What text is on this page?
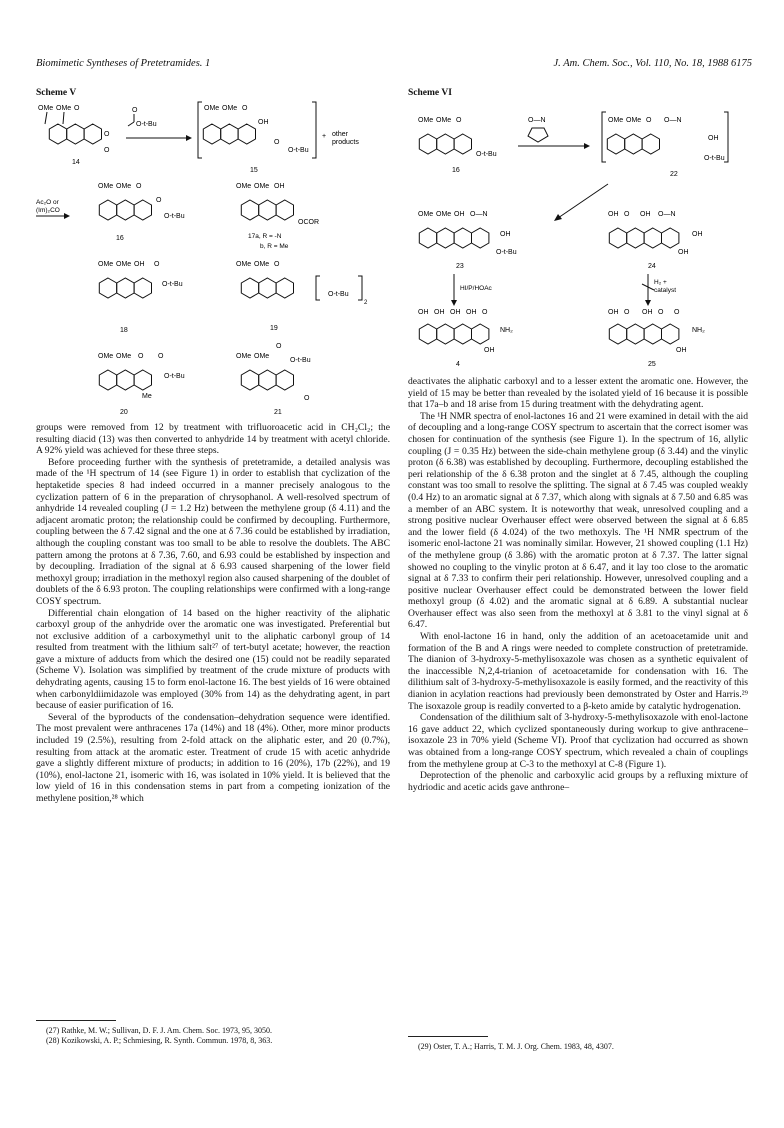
Biomimetic Syntheses of Pretetramides. 1	J. Am. Chem. Soc., Vol. 110, No. 18, 1988 6175
Scheme V
OMe OMe O
O
O
14
O
O-t-Bu
OMe OMe O
OH
O
O-t-Bu
15
+ other
products
Ac₂O or
(Im)₂CO
OMe OMe O
O
O-t-Bu
16
OMe OMe OH
OCOR
17a, R = -N
b, R = Me
OMe OMe OH O
O-t-Bu
18
OMe OMe O
O-t-Bu
2
19
OMe OMe O O
O-t-Bu
Me
20
O
OMe OMe
O-t-Bu
O
21
Scheme VI
OMe OMe O
O-t-Bu
16
O—N	OMe OMe O O—N
OH
O-t-Bu
22
OMe OMe OH O—N
OH
O-t-Bu
23
OH O OH O—N
OH
OH
24
HI/P/HOAc
H₂ +
catalyst
OH OH OH OH O
NH₂
OH
4
OH O OH O O
NH₂
OH
25

groups were removed from 12 by treatment with trifluoroacetic acid in CH₂Cl₂; the resulting diacid (13) was then converted to anhydride 14 by treatment with acetyl chloride. A 92% yield was achieved for these three steps.

Before proceeding further with the synthesis of pretetramide, a detailed analysis was made of the ¹H spectrum of 14 (see Figure 1) in order to establish that cyclization of the heptaketide species 8 had indeed occurred in a manner precisely analogous to the cyclization pattern of 6 in the preparation of chrysophanol. A well-resolved spectrum of anhydride 14 revealed coupling (J = 1.2 Hz) between the methylene group (δ 4.11) and the adjacent aromatic proton; the relationship could be confirmed by decoupling. Furthermore, coupling between the δ 7.42 signal and the one at δ 7.36 could be established by irradiation, although the coupling constant was too small to be able to resolve the doublets. The ABC pattern among the protons at δ 7.36, 7.60, and 6.93 could be established by inspection and by decoupling. Irradiation of the signal at δ 6.93 caused sharpening of the lower field methoxyl group; irradiation in the methoxyl region also caused sharpening of the doublet of doublets of the δ 6.93 proton. The coupling relationships were confirmed with a long-range COSY spectrum.

Differential chain elongation of 14 based on the higher reactivity of the aliphatic carboxyl group of the anhydride over the aromatic one was investigated. Preferential but not exclusive addition of a carboxymethyl unit to the aliphatic carbonyl group of 14 resulted from treatment with the lithium salt²⁷ of tert-butyl acetate; however, the reaction gave a mixture of adducts from which the desired one (15) could not be readily separated (Scheme V). Isolation was simplified by treatment of the crude mixture of products with dehydrating agents, causing 15 to form enol-lactone 16. The best yields of 16 were obtained when carbonyldiimidazole was employed (30% from 14) as the dehydrating agent, in part because of easier purification of 16.

Several of the byproducts of the condensation–dehydration sequence were identified. The most prevalent were anthracenes 17a (14%) and 18 (4%). Other, more minor products included 19 (2.5%), resulting from 2-fold attack on the aliphatic ester, and 20 (0.7%), resulting from attack at the aromatic ester. Treatment of crude 15 with acetic anhydride gave a slightly different mixture of products; in addition to 16 (20%), 17b (22%), and 19 (10%), enol-lactone 21, isomeric with 16, was isolated in 10% yield. It is believed that the low yield of 16 in this condensation stems in part from a competing ionization of the methylene position,²⁸ which

deactivates the aliphatic carboxyl and to a lesser extent the aromatic one. However, the yield of 15 may be better than revealed by the isolated yield of 16 because it is possible that 17a–b and 18 arise from 15 during treatment with the dehydrating agent.

The ¹H NMR spectra of enol-lactones 16 and 21 were examined in detail with the aid of decoupling and a long-range COSY spectrum to ascertain that the correct isomer was chosen for continuation of the synthesis (see Figure 1). In the spectrum of 16, allylic coupling (J = 0.35 Hz) between the side-chain methylene group (δ 3.44) and the vinylic proton (δ 6.38) was established by decoupling. Furthermore, decoupling established the peri relationship of the δ 6.38 proton and the singlet at δ 7.45, although the coupling constant was too small to resolve the splitting. The signal at δ 7.45 was coupled weakly (0.4 Hz) to an aromatic signal at δ 7.37, which along with signals at δ 7.50 and 6.85 was a member of an ABC system. It is noteworthy that weak, unresolved coupling and a strong positive nuclear Overhauser effect were observed between the signal at δ 6.85 and the lower field (δ 4.024) of the two methoxyls. The ¹H NMR spectrum of the isomeric enol-lactone 21 was nominally similar. However, 21 showed coupling (1.1 Hz) of the methylene group (δ 3.86) with the aromatic proton at δ 7.37. The latter signal showed no coupling to the vinylic proton at δ 6.47, and it lay too close to the aromatic signal at δ 7.33 to confirm their peri relationship. However, unresolved coupling and a positive nuclear Overhauser effect could be demonstrated between the lower field methoxyl group (δ 4.02) and the aromatic signal at δ 6.89. A substantial nuclear Overhauser effect was also seen from the methoxyl at δ 3.81 to the vinyl signal at δ 6.47.

With enol-lactone 16 in hand, only the addition of an acetoacetamide unit and formation of the B and A rings were needed to complete construction of pretetramide. The dianion of 3-hydroxy-5-methylisoxazole was chosen as a synthetic equivalent of the inaccessible N,2,4-trianion of acetoacetamide for condensation with 16. The dilithium salt of 3-hydroxy-5-methylisoxazole is easily formed, and the reactivity of this dianion in acylation reactions had previously been demonstrated by Oster and Harris.²⁹ The isoxazole group is readily converted to a β-keto amide by catalytic hydrogenation.

Condensation of the dilithium salt of 3-hydroxy-5-methylisoxazole with enol-lactone 16 gave adduct 22, which cyclized spontaneously during workup to give anthracene–isoxazole 23 in 70% yield (Scheme VI). Proof that cyclization had occurred as shown was obtained from a long-range COSY spectrum, which revealed a chain of couplings from the methylene group at C-3 to the methoxyl at C-8 (Figure 1).

Deprotection of the phenolic and carboxylic acid groups by a refluxing mixture of hydriodic and acetic acids gave anthrone–

(27) Rathke, M. W.; Sullivan, D. F. J. Am. Chem. Soc. 1973, 95, 3050.

(28) Kozikowski, A. P.; Schmiesing, R. Synth. Commun. 1978, 8, 363.

(29) Oster, T. A.; Harris, T. M. J. Org. Chem. 1983, 48, 4307.
